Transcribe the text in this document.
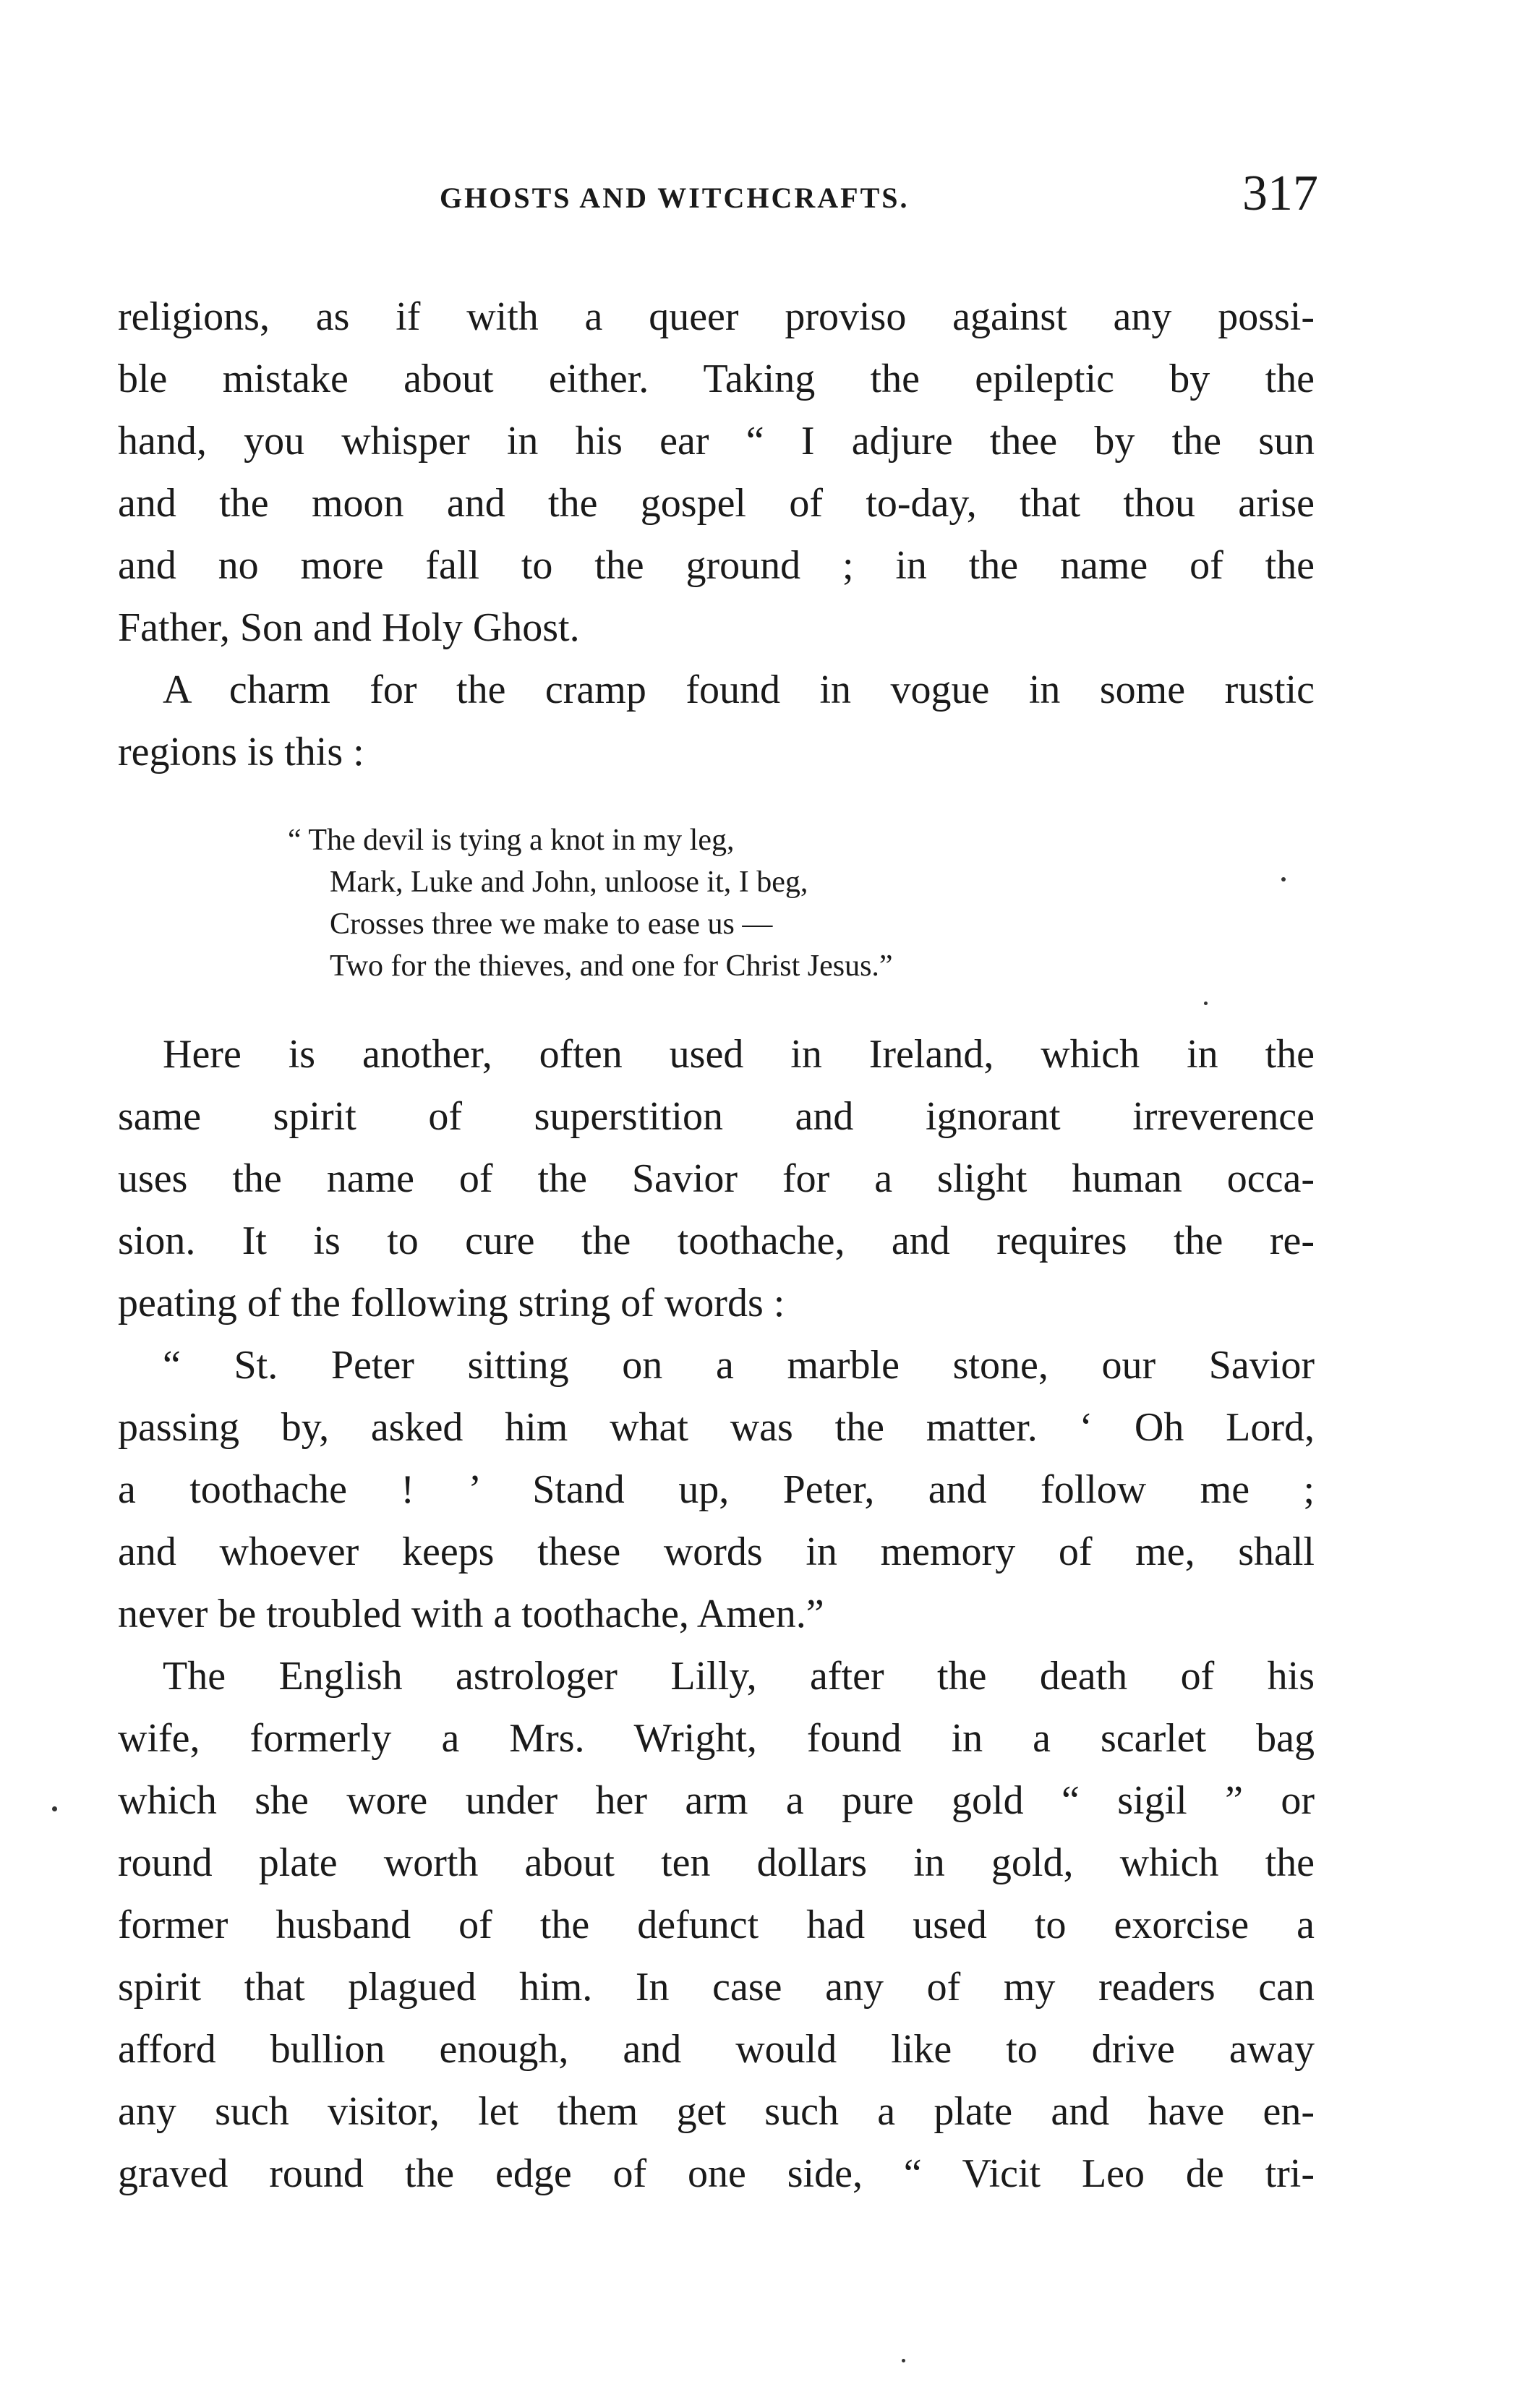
GHOSTS AND WITCHCRAFTS.	317
religions, as if with a queer proviso against any possi-
ble mistake about either. Taking the epileptic by the
hand, you whisper in his ear “ I adjure thee by the sun
and the moon and the gospel of to-day, that thou arise
and no more fall to the ground ; in the name of the
Father, Son and Holy Ghost.
A charm for the cramp found in vogue in some rustic
regions is this :
“ The devil is tying a knot in my leg,
Mark, Luke and John, unloose it, I beg,
Crosses three we make to ease us —
Two for the thieves, and one for Christ Jesus.”
Here is another, often used in Ireland, which in the
same spirit of superstition and ignorant irreverence
uses the name of the Savior for a slight human occa-
sion. It is to cure the toothache, and requires the re-
peating of the following string of words :
“ St. Peter sitting on a marble stone, our Savior
passing by, asked him what was the matter. ‘ Oh Lord,
a toothache ! ’ Stand up, Peter, and follow me ;
and whoever keeps these words in memory of me, shall
never be troubled with a toothache, Amen.”
The English astrologer Lilly, after the death of his
wife, formerly a Mrs. Wright, found in a scarlet bag
which she wore under her arm a pure gold “ sigil ” or
round plate worth about ten dollars in gold, which the
former husband of the defunct had used to exorcise a
spirit that plagued him. In case any of my readers can
afford bullion enough, and would like to drive away
any such visitor, let them get such a plate and have en-
graved round the edge of one side, “ Vicit Leo de tri-
